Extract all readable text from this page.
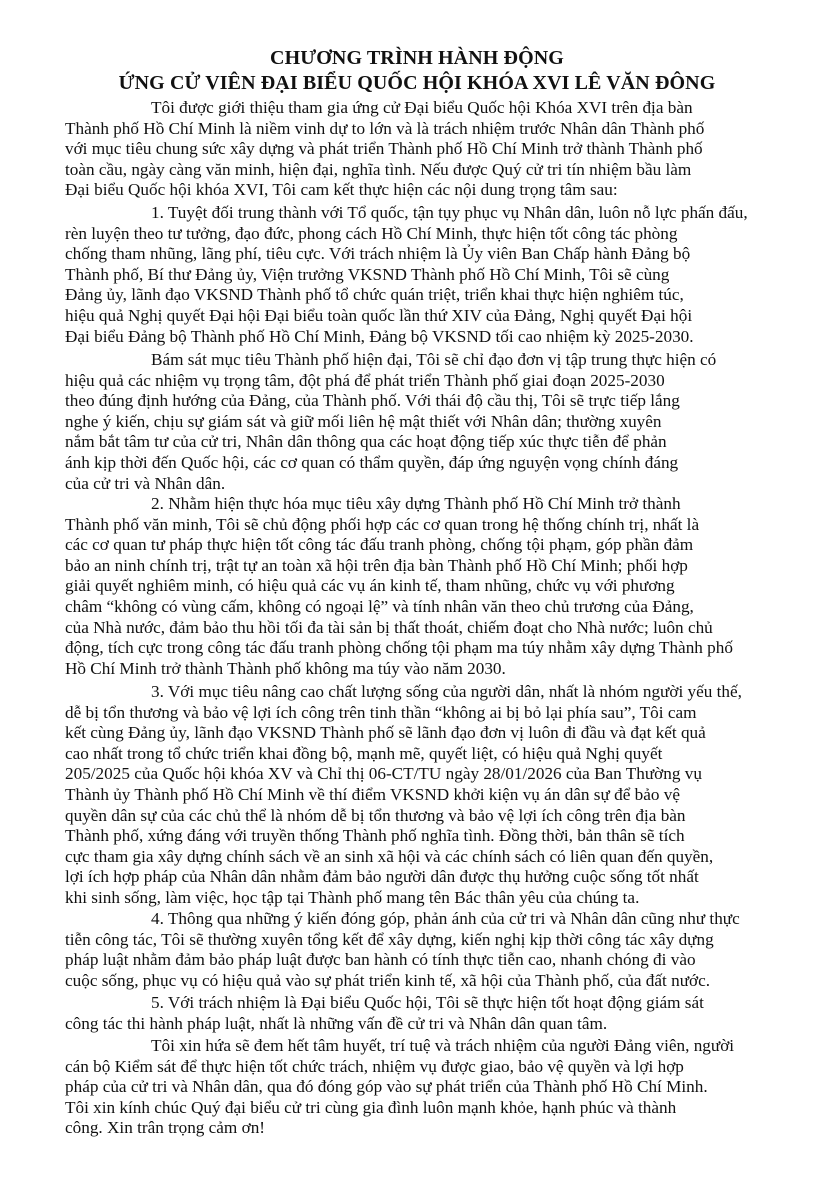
CHƯƠNG TRÌNH HÀNH ĐỘNG
ỨNG CỬ VIÊN ĐẠI BIỂU QUỐC HỘI KHÓA XVI LÊ VĂN ĐÔNG
Tôi được giới thiệu tham gia ứng cử Đại biểu Quốc hội Khóa XVI trên địa bàn
Thành phố Hồ Chí Minh là niềm vinh dự to lớn và là trách nhiệm trước Nhân dân Thành phố
với mục tiêu chung sức xây dựng và phát triển Thành phố Hồ Chí Minh trở thành Thành phố
toàn cầu, ngày càng văn minh, hiện đại, nghĩa tình. Nếu được Quý cử tri tín nhiệm bầu làm
Đại biểu Quốc hội khóa XVI, Tôi cam kết thực hiện các nội dung trọng tâm sau:
1. Tuyệt đối trung thành với Tổ quốc, tận tụy phục vụ Nhân dân, luôn nỗ lực phấn đấu,
rèn luyện theo tư tưởng, đạo đức, phong cách Hồ Chí Minh, thực hiện tốt công tác phòng
chống tham nhũng, lãng phí, tiêu cực. Với trách nhiệm là Ủy viên Ban Chấp hành Đảng bộ
Thành phố, Bí thư Đảng ủy, Viện trưởng VKSND Thành phố Hồ Chí Minh, Tôi sẽ cùng
Đảng ủy, lãnh đạo VKSND Thành phố tổ chức quán triệt, triển khai thực hiện nghiêm túc,
hiệu quả Nghị quyết Đại hội Đại biểu toàn quốc lần thứ XIV của Đảng, Nghị quyết Đại hội
Đại biểu Đảng bộ Thành phố Hồ Chí Minh, Đảng bộ VKSND tối cao nhiệm kỳ 2025-2030.
Bám sát mục tiêu Thành phố hiện đại, Tôi sẽ chỉ đạo đơn vị tập trung thực hiện có
hiệu quả các nhiệm vụ trọng tâm, đột phá để phát triển Thành phố giai đoạn 2025-2030
theo đúng định hướng của Đảng, của Thành phố. Với thái độ cầu thị, Tôi sẽ trực tiếp lắng
nghe ý kiến, chịu sự giám sát và giữ mối liên hệ mật thiết với Nhân dân; thường xuyên
nắm bắt tâm tư của cử tri, Nhân dân thông qua các hoạt động tiếp xúc thực tiễn để phản
ánh kịp thời đến Quốc hội, các cơ quan có thẩm quyền, đáp ứng nguyện vọng chính đáng
của cử tri và Nhân dân.
2. Nhằm hiện thực hóa mục tiêu xây dựng Thành phố Hồ Chí Minh trở thành
Thành phố văn minh, Tôi sẽ chủ động phối hợp các cơ quan trong hệ thống chính trị, nhất là
các cơ quan tư pháp thực hiện tốt công tác đấu tranh phòng, chống tội phạm, góp phần đảm
bảo an ninh chính trị, trật tự an toàn xã hội trên địa bàn Thành phố Hồ Chí Minh; phối hợp
giải quyết nghiêm minh, có hiệu quả các vụ án kinh tế, tham nhũng, chức vụ với phương
châm “không có vùng cấm, không có ngoại lệ” và tính nhân văn theo chủ trương của Đảng,
của Nhà nước, đảm bảo thu hồi tối đa tài sản bị thất thoát, chiếm đoạt cho Nhà nước; luôn chủ
động, tích cực trong công tác đấu tranh phòng chống tội phạm ma túy nhằm xây dựng Thành phố
Hồ Chí Minh trở thành Thành phố không ma túy vào năm 2030.
3. Với mục tiêu nâng cao chất lượng sống của người dân, nhất là nhóm người yếu thế,
dễ bị tổn thương và bảo vệ lợi ích công trên tinh thần “không ai bị bỏ lại phía sau”, Tôi cam
kết cùng Đảng ủy, lãnh đạo VKSND Thành phố sẽ lãnh đạo đơn vị luôn đi đầu và đạt kết quả
cao nhất trong tổ chức triển khai đồng bộ, mạnh mẽ, quyết liệt, có hiệu quả Nghị quyết
205/2025 của Quốc hội khóa XV và Chỉ thị 06-CT/TU ngày 28/01/2026 của Ban Thường vụ
Thành ủy Thành phố Hồ Chí Minh về thí điểm VKSND khởi kiện vụ án dân sự để bảo vệ
quyền dân sự của các chủ thể là nhóm dễ bị tổn thương và bảo vệ lợi ích công trên địa bàn
Thành phố, xứng đáng với truyền thống Thành phố nghĩa tình. Đồng thời, bản thân sẽ tích
cực tham gia xây dựng chính sách về an sinh xã hội và các chính sách có liên quan đến quyền,
lợi ích hợp pháp của Nhân dân nhằm đảm bảo người dân được thụ hưởng cuộc sống tốt nhất
khi sinh sống, làm việc, học tập tại Thành phố mang tên Bác thân yêu của chúng ta.
4. Thông qua những ý kiến đóng góp, phản ánh của cử tri và Nhân dân cũng như thực
tiễn công tác, Tôi sẽ thường xuyên tổng kết để xây dựng, kiến nghị kịp thời công tác xây dựng
pháp luật nhằm đảm bảo pháp luật được ban hành có tính thực tiễn cao, nhanh chóng đi vào
cuộc sống, phục vụ có hiệu quả vào sự phát triển kinh tế, xã hội của Thành phố, của đất nước.
5. Với trách nhiệm là Đại biểu Quốc hội, Tôi sẽ thực hiện tốt hoạt động giám sát
công tác thi hành pháp luật, nhất là những vấn đề cử tri và Nhân dân quan tâm.
Tôi xin hứa sẽ đem hết tâm huyết, trí tuệ và trách nhiệm của người Đảng viên, người
cán bộ Kiểm sát để thực hiện tốt chức trách, nhiệm vụ được giao, bảo vệ quyền và lợi hợp
pháp của cử tri và Nhân dân, qua đó đóng góp vào sự phát triển của Thành phố Hồ Chí Minh.
Tôi xin kính chúc Quý đại biểu cử tri cùng gia đình luôn mạnh khỏe, hạnh phúc và thành
công. Xin trân trọng cảm ơn!
